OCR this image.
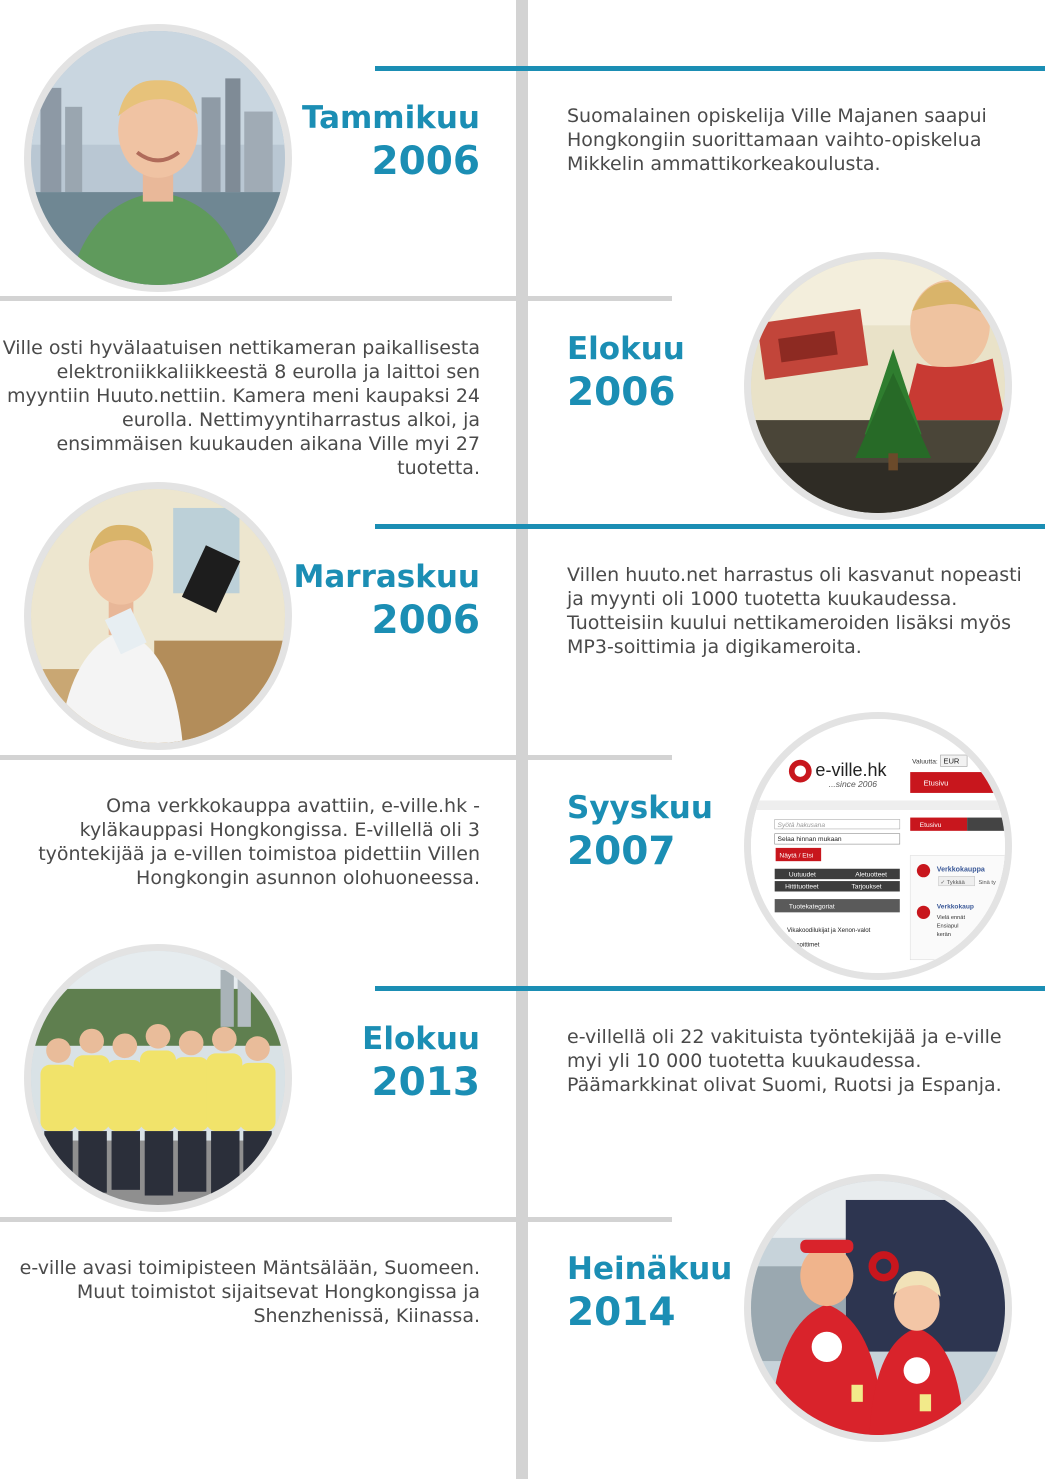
Tammikuu
2006
Suomalainen opiskelija Ville Majanen saapui Hongkongiin suorittamaan vaihto-opiskelua Mikkelin ammattikorkeakoulusta.
Ville osti hyvälaatuisen nettikameran paikallisesta elektroniikkaliikkeestä 8 eurolla ja laittoi sen myyntiin Huuto.nettiin. Kamera meni kaupaksi 24 eurolla. Nettimyyntiharrastus alkoi, ja ensimmäisen kuukauden aikana Ville myi 27 tuotetta.
Elokuu
2006
Marraskuu
2006
Villen huuto.net harrastus oli kasvanut nopeasti ja myynti oli 1000 tuotetta kuukaudessa. Tuotteisiin kuului nettikameroiden lisäksi myös MP3-soittimia ja digikameroita.
Oma verkkokauppa avattiin, e-ville.hk - kyläkauppasi Hongkongissa. E-villellä oli 3 työntekijää ja e-villen toimistoa pidettiin Villen Hongkongin asunnon olohuoneessa.
Syyskuu
2007
e-ville.hk
...since 2006
Valuutta: EUR
Etusivu
Etusivu
Syötä hakusana
Selaa hinnan mukaan
Näytä / Etsi
Uutuudet	Aletuotteet
Hittituotteet	Tarjoukset
Tuotekategoriat
Vikakoodilukijat ja Xenon-valot
soittimet
Verkkokauppa
✓ Tykkää Sinä ty
Verkkokaup
Vielä ennät
Ensiapul
kerän
Elokuu
2013
e-villellä oli 22 vakituista työntekijää ja e-ville myi yli 10 000 tuotetta kuukaudessa. Päämarkkinat olivat Suomi, Ruotsi ja Espanja.
e-ville avasi toimipisteen Mäntsälään, Suomeen. Muut toimistot sijaitsevat Hongkongissa ja Shenzhenissä, Kiinassa.
Heinäkuu
2014
